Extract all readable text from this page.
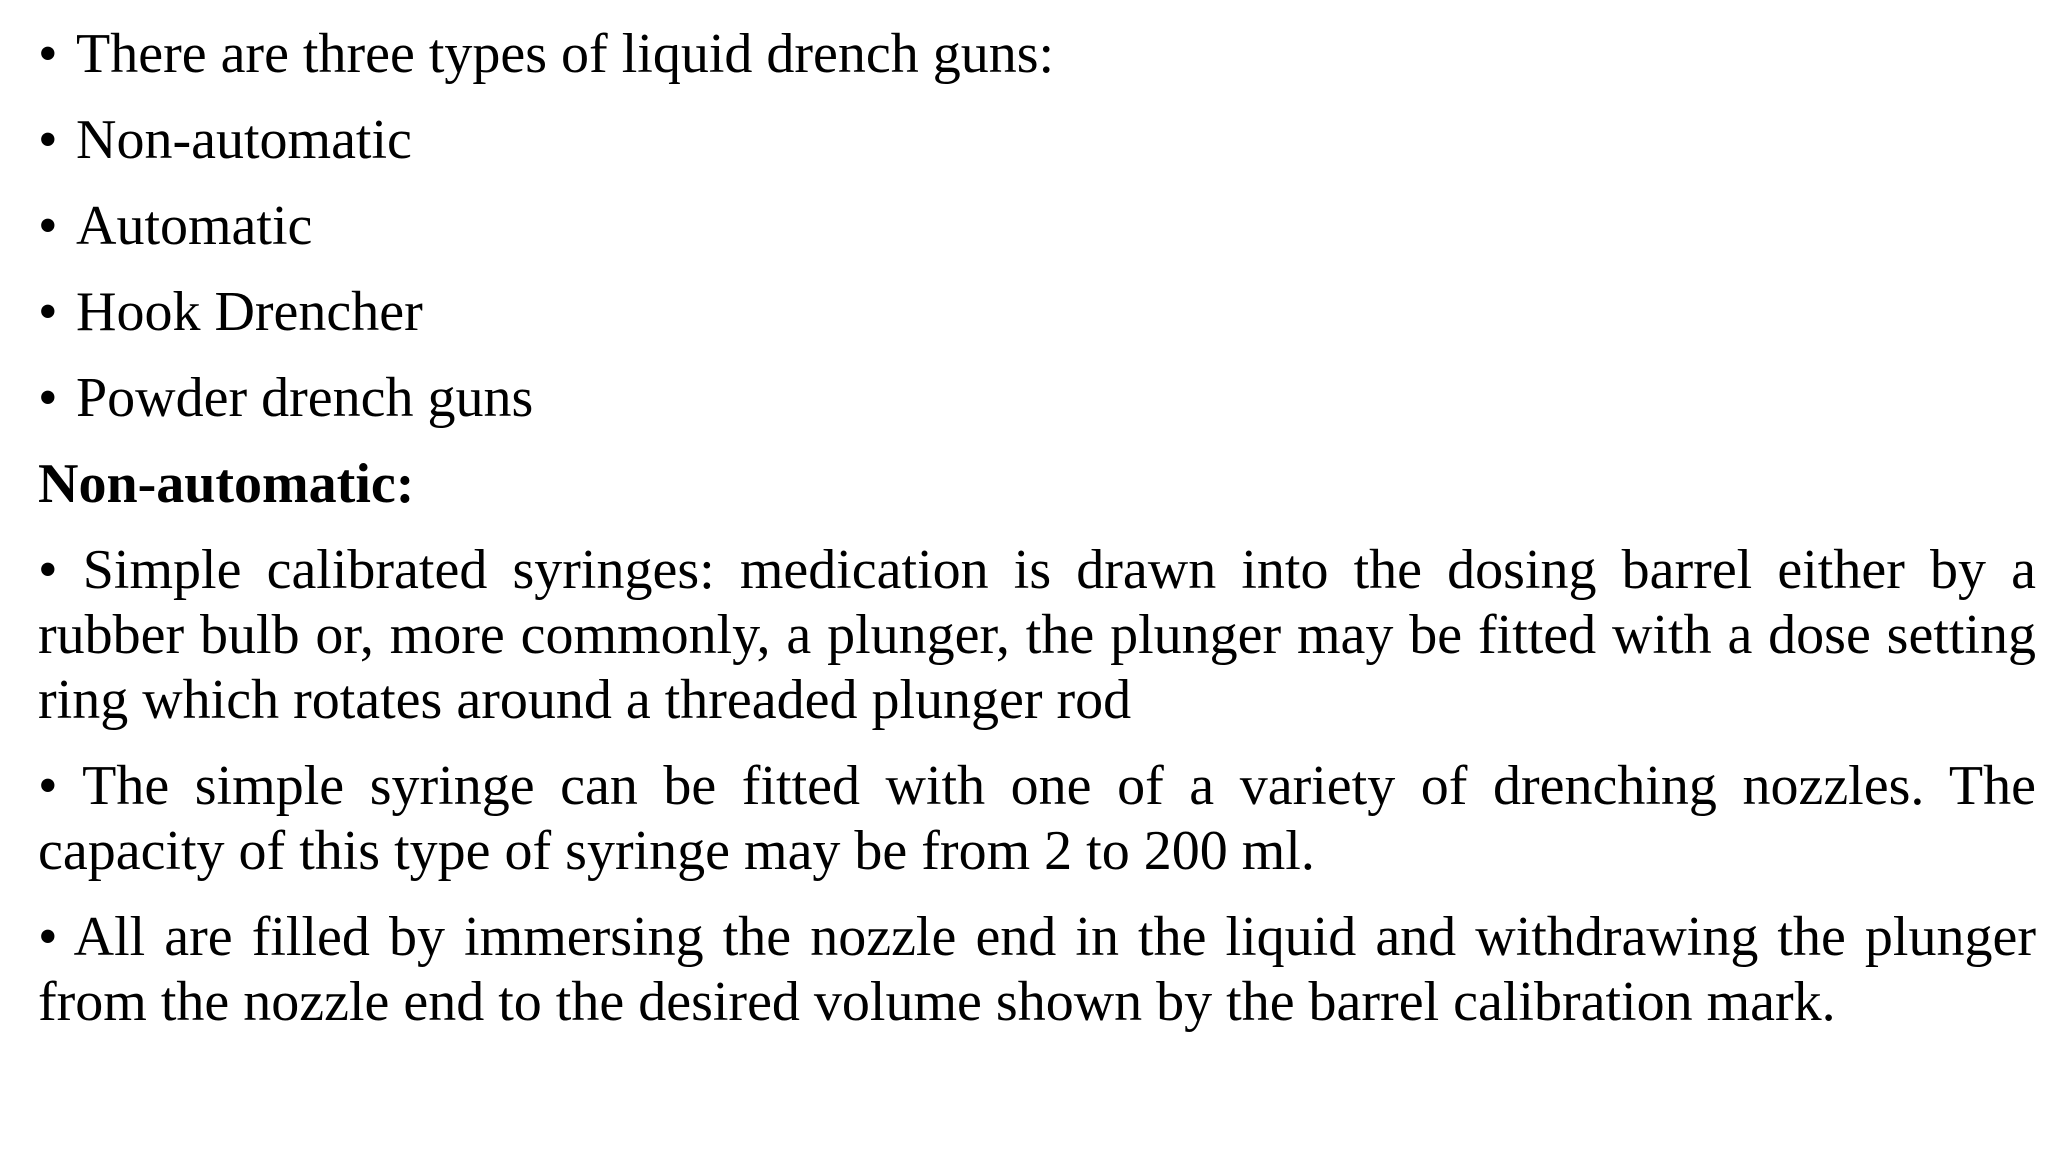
• There are three types of liquid drench guns:
• Non-automatic
• Automatic
• Hook Drencher
• Powder drench guns
Non-automatic:
• Simple calibrated syringes: medication is drawn into the dosing barrel either by a rubber bulb or, more commonly, a plunger, the plunger may be fitted with a dose setting ring which rotates around a threaded plunger rod
• The simple syringe can be fitted with one of a variety of drenching nozzles. The capacity of this type of syringe may be from 2 to 200 ml.
• All are filled by immersing the nozzle end in the liquid and withdrawing the plunger from the nozzle end to the desired volume shown by the barrel calibration mark.
